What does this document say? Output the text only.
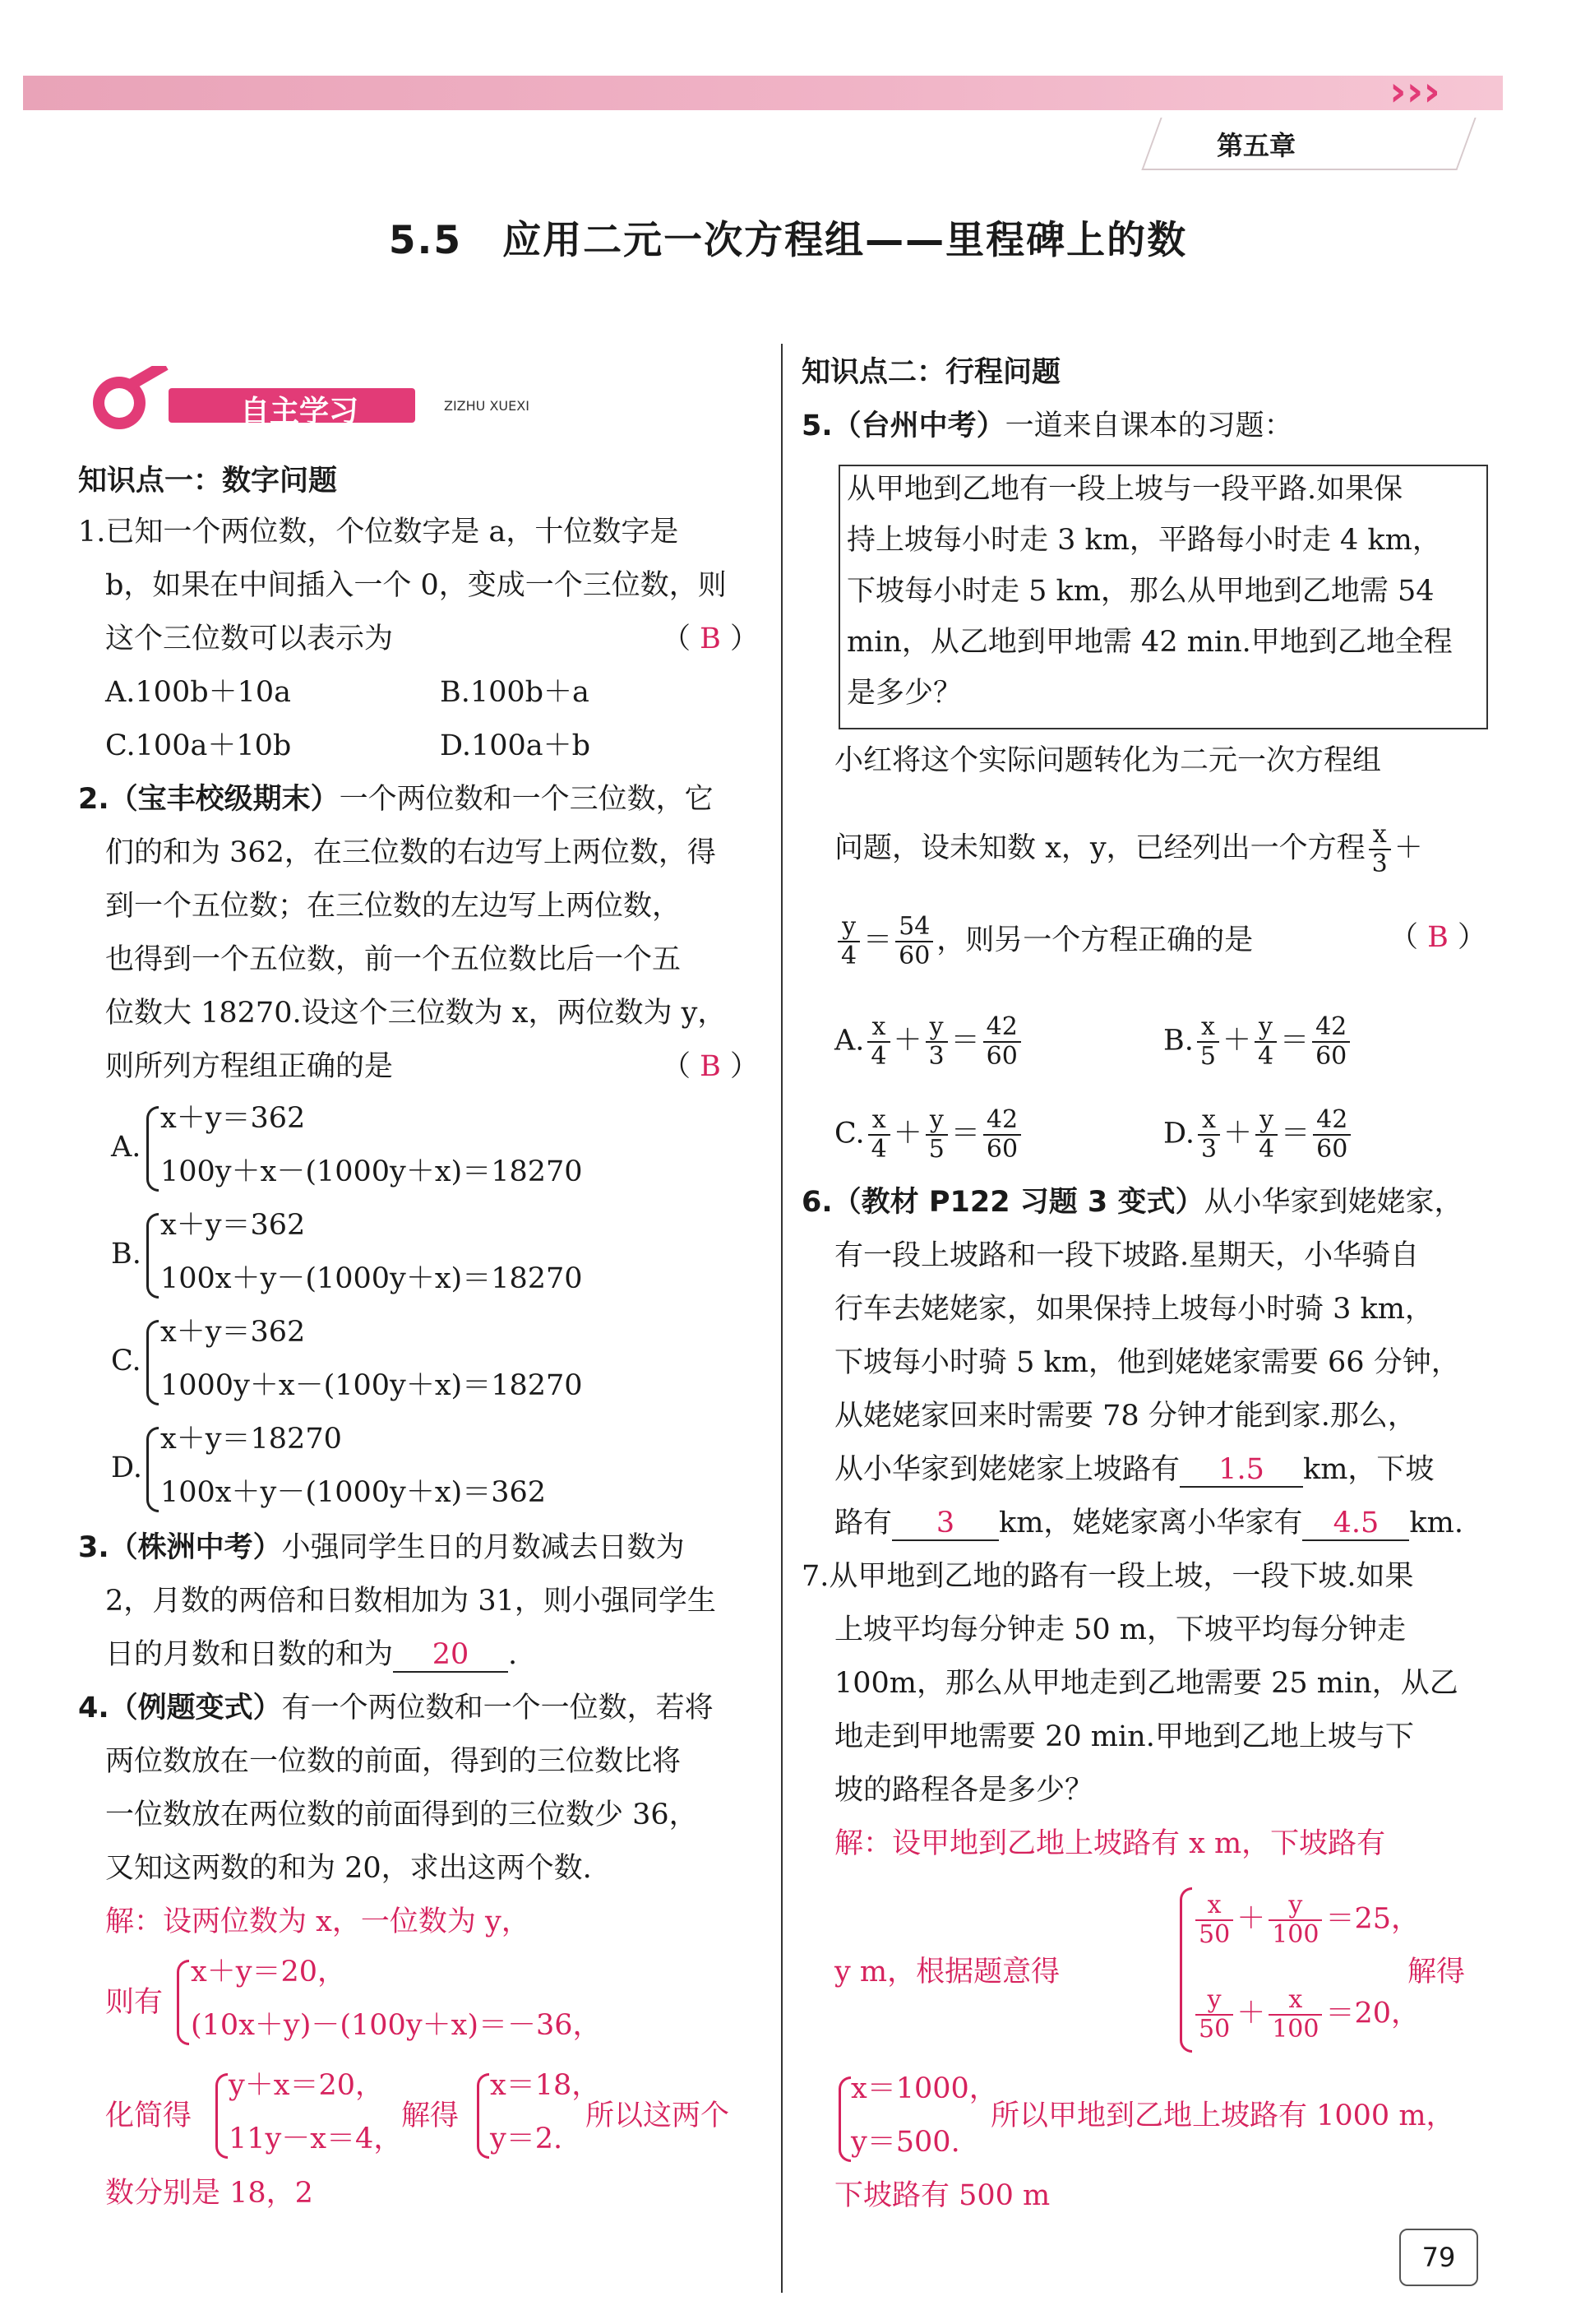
›››
第五章
5.5　应用二元一次方程组——里程碑上的数
自主学习	ZIZHU XUEXI
知识点一：数字问题
1.已知一个两位数，个位数字是 a，十位数字是
b，如果在中间插入一个 0，变成一个三位数，则
这个三位数可以表示为	（ B ）
A.100b＋10a	B.100b＋a
C.100a＋10b	D.100a＋b
2.（宝丰校级期末）一个两位数和一个三位数，它
们的和为 362，在三位数的右边写上两位数，得
到一个五位数；在三位数的左边写上两位数，
也得到一个五位数，前一个五位数比后一个五
位数大 18270.设这个三位数为 x，两位数为 y，
则所列方程组正确的是	（ B ）
A.
x＋y＝362
100y＋x－(1000y＋x)＝18270
B.
x＋y＝362
100x＋y－(1000y＋x)＝18270
C.
x＋y＝362
1000y＋x－(100y＋x)＝18270
D.
x＋y＝18270
100x＋y－(1000y＋x)＝362
3.（株洲中考）小强同学生日的月数减去日数为
2，月数的两倍和日数相加为 31，则小强同学生
日的月数和日数的和为 20 .
4.（例题变式）有一个两位数和一个一位数，若将
两位数放在一位数的前面，得到的三位数比将
一位数放在两位数的前面得到的三位数少 36，
又知这两数的和为 20，求出这两个数.
解：设两位数为 x，一位数为 y，
则有
x＋y＝20，
(10x＋y)－(100y＋x)＝－36，
化简得
y＋x＝20，
11y－x＝4，
解得
x＝18，
y＝2.
所以这两个
数分别是 18，2
知识点二：行程问题
5.（台州中考）一道来自课本的习题：
从甲地到乙地有一段上坡与一段平路.如果保
持上坡每小时走 3 km，平路每小时走 4 km，
下坡每小时走 5 km，那么从甲地到乙地需 54
min，从乙地到甲地需 42 min.甲地到乙地全程
是多少？
小红将这个实际问题转化为二元一次方程组
问题，设未知数 x，y，已经列出一个方程 $\frac{x}{3}$ ＋
$\frac{y}{4} = \frac{54}{60}$ ，则另一个方程正确的是	（ B ）
A. $\frac{x}{4} + \frac{y}{3} = \frac{42}{60}$	B. $\frac{x}{5} + \frac{y}{4} = \frac{42}{60}$
C. $\frac{x}{4} + \frac{y}{5} = \frac{42}{60}$	D. $\frac{x}{3} + \frac{y}{4} = \frac{42}{60}$
6.（教材 P122 习题 3 变式）从小华家到姥姥家，
有一段上坡路和一段下坡路.星期天，小华骑自
行车去姥姥家，如果保持上坡每小时骑 3 km，
下坡每小时骑 5 km，他到姥姥家需要 66 分钟，
从姥姥家回来时需要 78 分钟才能到家.那么，
从小华家到姥姥家上坡路有 1.5 km，下坡
路有 3 km，姥姥家离小华家有 4.5 km.
7.从甲地到乙地的路有一段上坡，一段下坡.如果
上坡平均每分钟走 50 m，下坡平均每分钟走
100m，那么从甲地走到乙地需要 25 min，从乙
地走到甲地需要 20 min.甲地到乙地上坡与下
坡的路程各是多少？
解：设甲地到乙地上坡路有 x m，下坡路有
y m，根据题意得
$\frac{x}{50} + \frac{y}{100} =25$，
$\frac{y}{50} + \frac{x}{100} =20$，
解得
x＝1000，
y＝500.
所以甲地到乙地上坡路有 1000 m，
下坡路有 500 m
79
